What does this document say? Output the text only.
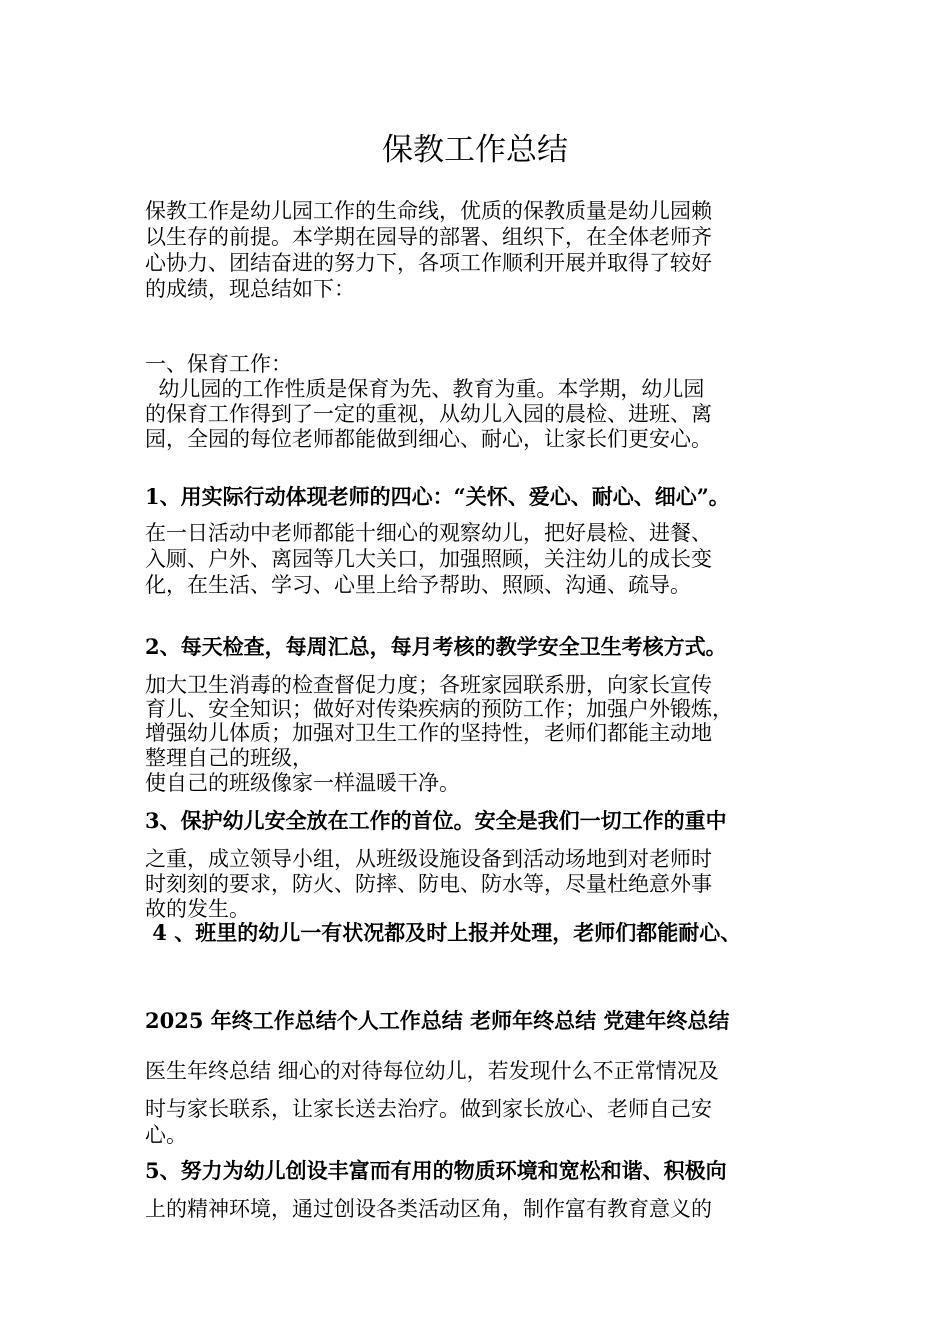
保教工作总结
保教工作是幼儿园工作的生命线，优质的保教质量是幼儿园赖
以生存的前提。本学期在园导的部署、组织下，在全体老师齐
心协力、团结奋进的努力下，各项工作顺利开展并取得了较好
的成绩，现总结如下：
一、保育工作：
幼儿园的工作性质是保育为先、教育为重。本学期，幼儿园
的保育工作得到了一定的重视，从幼儿入园的晨检、进班、离
园，全园的每位老师都能做到细心、耐心，让家长们更安心。
1、用实际行动体现老师的四心：“关怀、爱心、耐心、细心”。
在一日活动中老师都能十细心的观察幼儿，把好晨检、进餐、
入厕、户外、离园等几大关口，加强照顾，关注幼儿的成长变
化，在生活、学习、心里上给予帮助、照顾、沟通、疏导。
2、每天检查，每周汇总，每月考核的教学安全卫生考核方式。
加大卫生消毒的检查督促力度；各班家园联系册，向家长宣传
育儿、安全知识；做好对传染疾病的预防工作；加强户外锻炼，
增强幼儿体质；加强对卫生工作的坚持性，老师们都能主动地
整理自己的班级，
使自己的班级像家一样温暖干净。
3、保护幼儿安全放在工作的首位。安全是我们一切工作的重中
之重，成立领导小组，从班级设施设备到活动场地到对老师时
时刻刻的要求，防火、防摔、防电、防水等，尽量杜绝意外事
故的发生。
4 、班里的幼儿一有状况都及时上报并处理，老师们都能耐心、
2025 年终工作总结个人工作总结 老师年终总结 党建年终总结
医生年终总结 细心的对待每位幼儿，若发现什么不正常情况及
时与家长联系，让家长送去治疗。做到家长放心、老师自己安
心。
5、努力为幼儿创设丰富而有用的物质环境和宽松和谐、积极向
上的精神环境，通过创设各类活动区角，制作富有教育意义的
